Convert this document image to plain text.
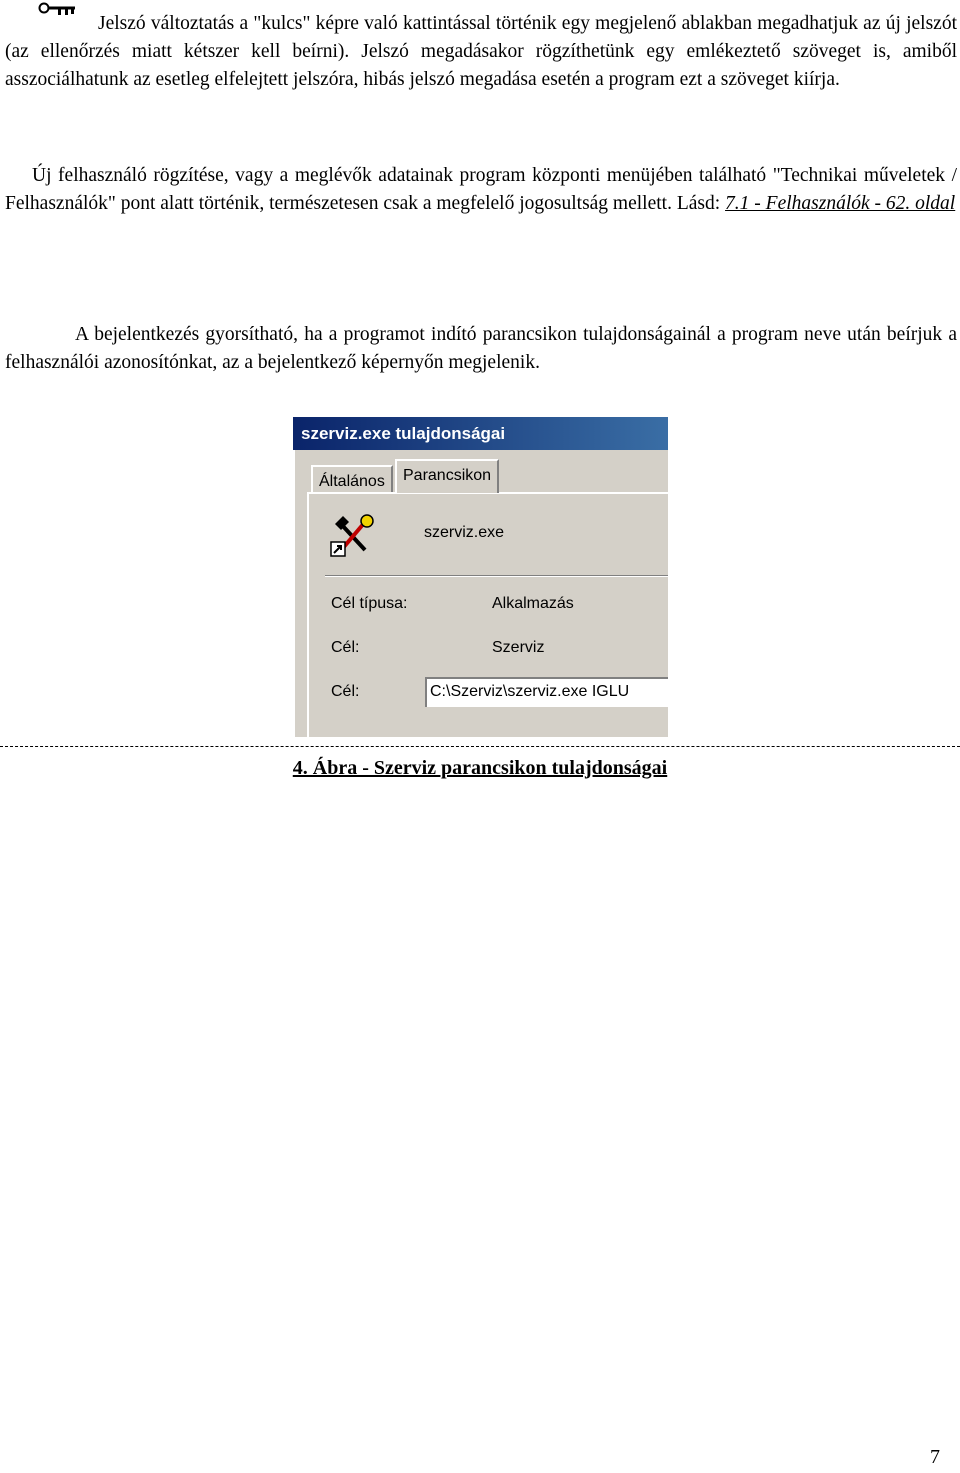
Jelszó változtatás a "kulcs" képre való kattintással történik egy megjelenő ablakban megadhatjuk az új jelszót (az ellenőrzés miatt kétszer kell beírni). Jelszó megadásakor rögzíthetünk egy emlékeztető szöveget is, amiből asszociálhatunk az esetleg elfelejtett jelszóra, hibás jelszó megadása esetén a program ezt a szöveget kiírja.

Új felhasználó rögzítése, vagy a meglévők adatainak program központi menüjében található "Technikai műveletek / Felhasználók" pont alatt történik, természetesen csak a megfelelő jogosultság mellett. Lásd: 7.1 - Felhasználók - 62. oldal

A bejelentkezés gyorsítható, ha a programot indító parancsikon tulajdonságainál a program neve után beírjuk a felhasználói azonosítónkat, az a bejelentkező képernyőn megjelenik.

szerviz.exe tulajdonságai
Általános	Parancsikon
szerviz.exe
Cél típusa:	Alkalmazás
Cél:	Szerviz
Cél:	C:\Szerviz\szerviz.exe IGLU
4. Ábra - Szerviz parancsikon tulajdonságai
7
